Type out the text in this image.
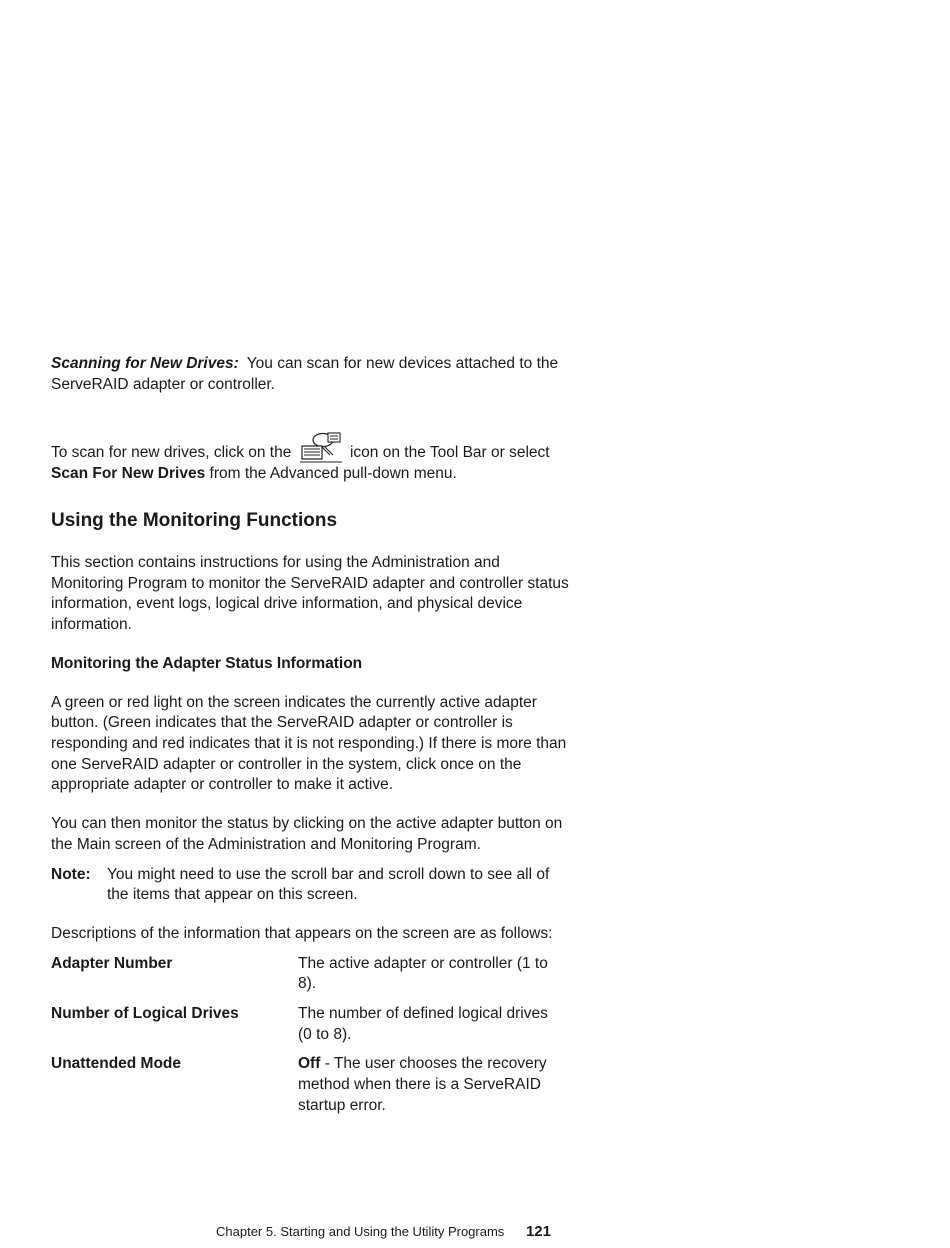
Scanning for New Drives: You can scan for new devices attached to the ServeRAID adapter or controller.

To scan for new drives, click on the	icon on the Tool Bar or select Scan For New Drives from the Advanced pull-down menu.

Using the Monitoring Functions

This section contains instructions for using the Administration and Monitoring Program to monitor the ServeRAID adapter and controller status information, event logs, logical drive information, and physical device information.

Monitoring the Adapter Status Information

A green or red light on the screen indicates the currently active adapter button. (Green indicates that the ServeRAID adapter or controller is responding and red indicates that it is not responding.) If there is more than one ServeRAID adapter or controller in the system, click once on the appropriate adapter or controller to make it active.

You can then monitor the status by clicking on the active adapter button on the Main screen of the Administration and Monitoring Program.

Note:	You might need to use the scroll bar and scroll down to see all of the items that appear on this screen.

Descriptions of the information that appears on the screen are as follows:

Adapter Number	The active adapter or controller (1 to 8).
Number of Logical Drives	The number of defined logical drives (0 to 8).
Unattended Mode	Off - The user chooses the recovery method when there is a ServeRAID startup error.
Chapter 5. Starting and Using the Utility Programs 121
